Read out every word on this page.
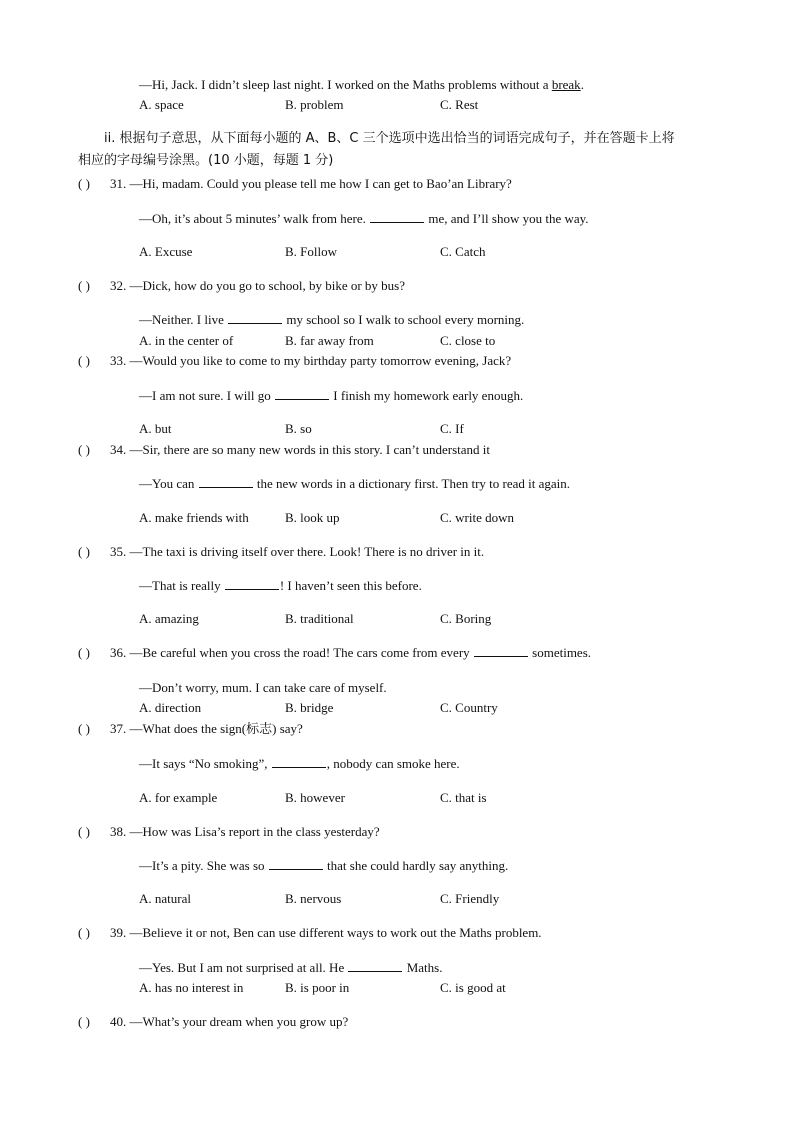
—Hi, Jack. I didn’t sleep last night. I worked on the Maths problems without a break.
A. space	B. problem	C. Rest
ii. 根据句子意思，从下面每小题的 A、B、C 三个选项中选出恰当的词语完成句子，并在答题卡上将
相应的字母编号涂黑。(10 小题，每题 1 分)
( ) 31. —Hi, madam. Could you please tell me how I can get to Bao’an Library?
—Oh, it’s about 5 minutes’ walk from here.	me, and I’ll show you the way.
A. Excuse	B. Follow	C. Catch
( ) 32. —Dick, how do you go to school, by bike or by bus?
—Neither. I live	my school so I walk to school every morning.
A. in the center of	B. far away from	C. close to
( ) 33. —Would you like to come to my birthday party tomorrow evening, Jack?
—I am not sure. I will go	I finish my homework early enough.
A. but	B. so	C. If
( ) 34. —Sir, there are so many new words in this story. I can’t understand it
—You can	the new words in a dictionary first. Then try to read it again.
A. make friends with	B. look up	C. write down
( ) 35. —The taxi is driving itself over there. Look! There is no driver in it.
—That is really	! I haven’t seen this before.
A. amazing	B. traditional	C. Boring
( ) 36. —Be careful when you cross the road! The cars come from every	sometimes.
—Don’t worry, mum. I can take care of myself.
A. direction	B. bridge	C. Country
( ) 37. —What does the sign(标志) say?
—It says “No smoking”,	, nobody can smoke here.
A. for example	B. however	C. that is
( ) 38. —How was Lisa’s report in the class yesterday?
—It’s a pity. She was so	that she could hardly say anything.
A. natural	B. nervous	C. Friendly
( ) 39. —Believe it or not, Ben can use different ways to work out the Maths problem.
—Yes. But I am not surprised at all. He	Maths.
A. has no interest in	B. is poor in	C. is good at
( ) 40. —What’s your dream when you grow up?
